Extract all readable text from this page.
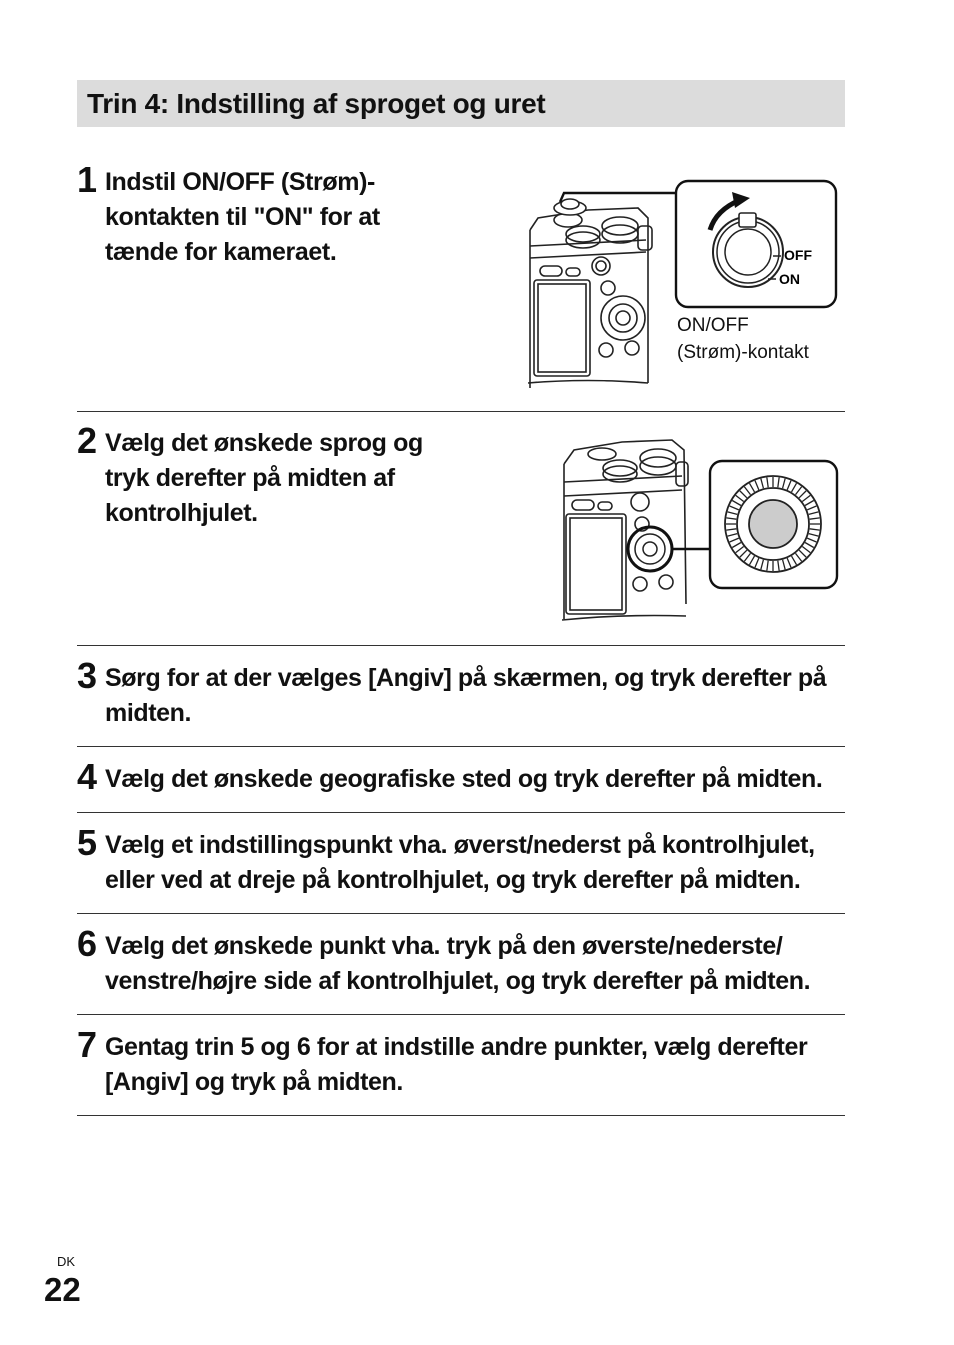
Trin 4: Indstilling af sproget og uret
1 Indstil ON/OFF (Strøm)-
kontakten til "ON" for at
tænde for kameraet.	OFF
ON
ON/OFF
(Strøm)-kontakt
2 Vælg det ønskede sprog og
tryk derefter på midten af
kontrolhjulet.
3 Sørg for at der vælges [Angiv] på skærmen, og tryk derefter på
midten.
4 Vælg det ønskede geografiske sted og tryk derefter på midten.
5 Vælg et indstillingspunkt vha. øverst/nederst på kontrolhjulet,
eller ved at dreje på kontrolhjulet, og tryk derefter på midten.
6 Vælg det ønskede punkt vha. tryk på den øverste/nederste/
venstre/højre side af kontrolhjulet, og tryk derefter på midten.
7 Gentag trin 5 og 6 for at indstille andre punkter, vælg derefter
[Angiv] og tryk på midten.
DK
22
